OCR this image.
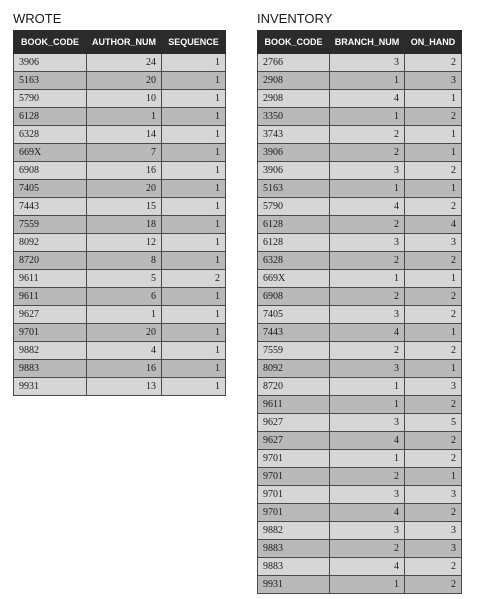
WROTE
BOOK_CODE	AUTHOR_NUM	SEQUENCE
3906	24	1
5163	20	1
5790	10	1
6128	1	1
6328	14	1
669X	7	1
6908	16	1
7405	20	1
7443	15	1
7559	18	1
8092	12	1
8720	8	1
9611	5	2
9611	6	1
9627	1	1
9701	20	1
9882	4	1
9883	16	1
9931	13	1
INVENTORY
BOOK_CODE	BRANCH_NUM	ON_HAND
2766	3	2
2908	1	3
2908	4	1
3350	1	2
3743	2	1
3906	2	1
3906	3	2
5163	1	1
5790	4	2
6128	2	4
6128	3	3
6328	2	2
669X	1	1
6908	2	2
7405	3	2
7443	4	1
7559	2	2
8092	3	1
8720	1	3
9611	1	2
9627	3	5
9627	4	2
9701	1	2
9701	2	1
9701	3	3
9701	4	2
9882	3	3
9883	2	3
9883	4	2
9931	1	2
